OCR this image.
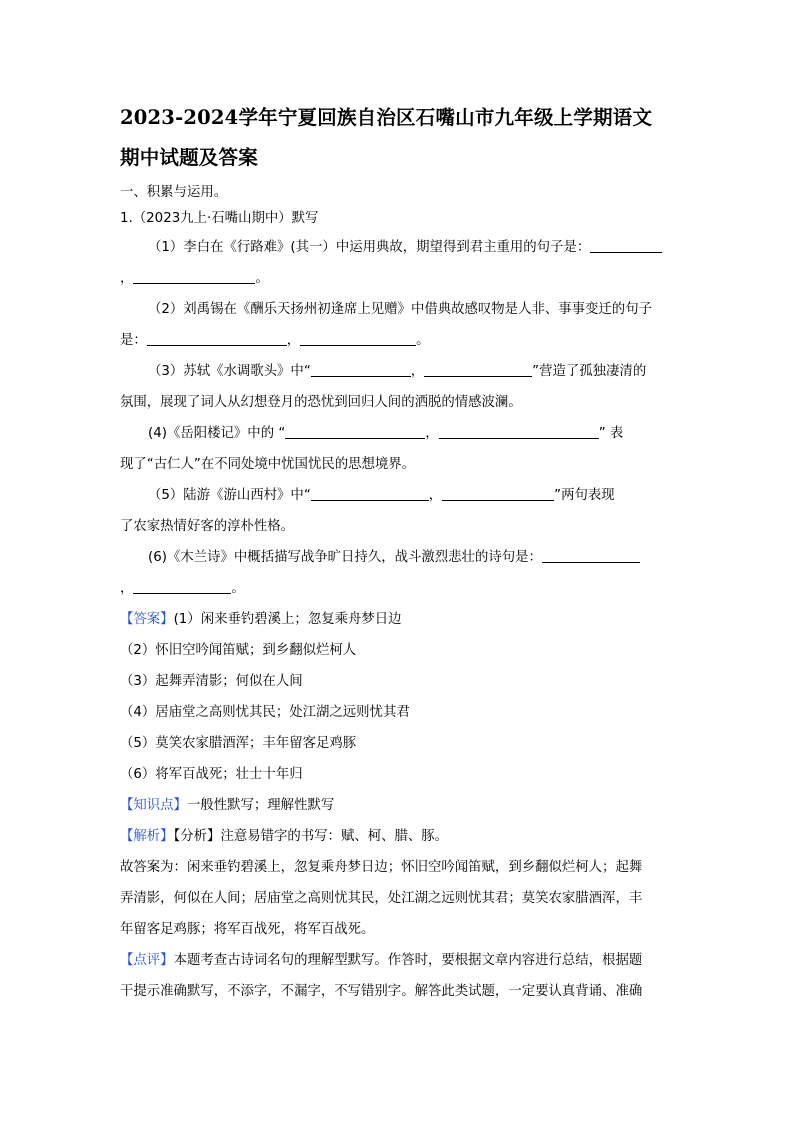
2023-2024学年宁夏回族自治区石嘴山市九年级上学期语文
期中试题及答案
一、积累与运用。
1.（2023九上·石嘴山期中）默写
（1）李白在《行路难》(其一）中运用典故，期望得到君主重用的句子是：
，	。
（2）刘禹锡在《酬乐天扬州初逢席上见赠》中借典故感叹物是人非、事事变迁的句子
是：	，	。
（3）苏轼《水调歌头》中“	，	”营造了孤独凄清的
氛围，展现了词人从幻想登月的恐忧到回归人间的洒脱的情感波澜。
(4)《岳阳楼记》中的 “	，	” 表
现了“古仁人”在不同处境中忧国忧民的思想境界。
（5）陆游《游山西村》中“	，	”两句表现
了农家热情好客的淳朴性格。
(6)《木兰诗》中概括描写战争旷日持久，战斗激烈悲壮的诗句是：
，	。
【答案】(1）闲来垂钓碧溪上；忽复乘舟梦日边
（2）怀旧空吟闻笛赋；到乡翻似烂柯人
（3）起舞弄清影；何似在人间
（4）居庙堂之高则忧其民；处江湖之远则忧其君
（5）莫笑农家腊酒浑；丰年留客足鸡豚
（6）将军百战死；壮士十年归
【知识点】一般性默写；理解性默写
【解析】【分析】注意易错字的书写：赋、柯、腊、豚。
故答案为：闲来垂钓碧溪上，忽复乘舟梦日边；怀旧空吟闻笛赋，到乡翻似烂柯人；起舞
弄清影，何似在人间；居庙堂之高则忧其民，处江湖之远则忧其君；莫笑农家腊酒浑，丰
年留客足鸡豚；将军百战死，将军百战死。
【点评】本题考查古诗词名句的理解型默写。作答时，要根据文章内容进行总结，根据题
干提示准确默写，不添字，不漏字，不写错别字。解答此类试题，一定要认真背诵、准确
